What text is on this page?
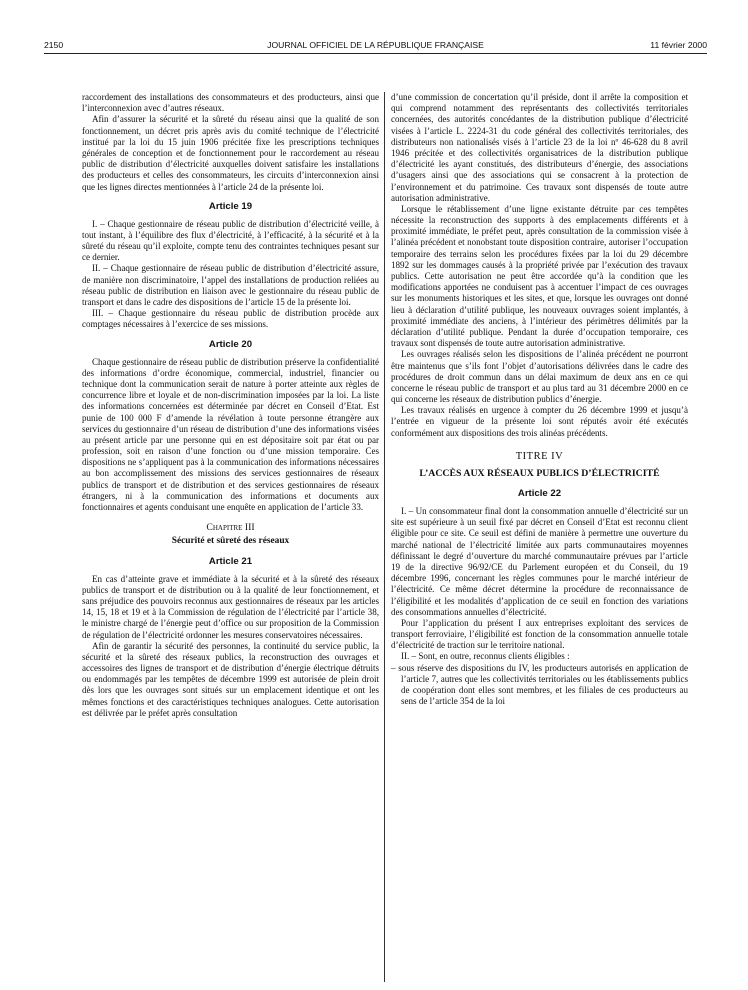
2150	JOURNAL OFFICIEL DE LA RÉPUBLIQUE FRANÇAISE	11 février 2000

raccordement des installations des consommateurs et des producteurs, ainsi que l’interconnexion avec d’autres réseaux.

Afin d’assurer la sécurité et la sûreté du réseau ainsi que la qualité de son fonctionnement, un décret pris après avis du comité technique de l’électricité institué par la loi du 15 juin 1906 précitée fixe les prescriptions techniques générales de conception et de fonctionnement pour le raccordement au réseau public de distribution d’électricité auxquelles doivent satisfaire les installations des producteurs et celles des consommateurs, les circuits d’interconnexion ainsi que les lignes directes mentionnées à l’article 24 de la présente loi.

Article 19

I. – Chaque gestionnaire de réseau public de distribution d’électricité veille, à tout instant, à l’équilibre des flux d’électricité, à l’efficacité, à la sécurité et à la sûreté du réseau qu’il exploite, compte tenu des contraintes techniques pesant sur ce dernier.

II. – Chaque gestionnaire de réseau public de distribution d’électricité assure, de manière non discriminatoire, l’appel des installations de production reliées au réseau public de distribution en liaison avec le gestionnaire du réseau public de transport et dans le cadre des dispositions de l’article 15 de la présente loi.

III. – Chaque gestionnaire du réseau public de distribution procède aux comptages nécessaires à l’exercice de ses missions.

Article 20

Chaque gestionnaire de réseau public de distribution préserve la confidentialité des informations d’ordre économique, commercial, industriel, financier ou technique dont la communication serait de nature à porter atteinte aux règles de concurrence libre et loyale et de non-discrimination imposées par la loi. La liste des informations concernées est déterminée par décret en Conseil d’Etat. Est punie de 100 000 F d’amende la révélation à toute personne étrangère aux services du gestionnaire d’un réseau de distribution d’une des informations visées au présent article par une personne qui en est dépositaire soit par état ou par profession, soit en raison d’une fonction ou d’une mission temporaire. Ces dispositions ne s’appliquent pas à la communication des informations nécessaires au bon accomplissement des missions des services gestionnaires de réseaux publics de transport et de distribution et des services gestionnaires de réseaux étrangers, ni à la communication des informations et documents aux fonctionnaires et agents conduisant une enquête en application de l’article 33.

Chapitre III
Sécurité et sûreté des réseaux
Article 21

En cas d’atteinte grave et immédiate à la sécurité et à la sûreté des réseaux publics de transport et de distribution ou à la qualité de leur fonctionnement, et sans préjudice des pouvoirs reconnus aux gestionnaires de réseaux par les articles 14, 15, 18 et 19 et à la Commission de régulation de l’électricité par l’article 38, le ministre chargé de l’énergie peut d’office ou sur proposition de la Commission de régulation de l’électricité ordonner les mesures conservatoires nécessaires.

Afin de garantir la sécurité des personnes, la continuité du service public, la sécurité et la sûreté des réseaux publics, la reconstruction des ouvrages et accessoires des lignes de transport et de distribution d’énergie électrique détruits ou endommagés par les tempêtes de décembre 1999 est autorisée de plein droit dès lors que les ouvrages sont situés sur un emplacement identique et ont les mêmes fonctions et des caractéristiques techniques analogues. Cette autorisation est délivrée par le préfet après consultation

d’une commission de concertation qu’il préside, dont il arrête la composition et qui comprend notamment des représentants des collectivités territoriales concernées, des autorités concédantes de la distribution publique d’électricité visées à l’article L. 2224-31 du code général des collectivités territoriales, des distributeurs non nationalisés visés à l’article 23 de la loi nº 46-628 du 8 avril 1946 précitée et des collectivités organisatrices de la distribution publique d’électricité les ayant constitués, des distributeurs d’énergie, des associations d’usagers ainsi que des associations qui se consacrent à la protection de l’environnement et du patrimoine. Ces travaux sont dispensés de toute autre autorisation administrative.

Lorsque le rétablissement d’une ligne existante détruite par ces tempêtes nécessite la reconstruction des supports à des emplacements différents et à proximité immédiate, le préfet peut, après consultation de la commission visée à l’alinéa précédent et nonobstant toute disposition contraire, autoriser l’occupation temporaire des terrains selon les procédures fixées par la loi du 29 décembre 1892 sur les dommages causés à la propriété privée par l’exécution des travaux publics. Cette autorisation ne peut être accordée qu’à la condition que les modifications apportées ne conduisent pas à accentuer l’impact de ces ouvrages sur les monuments historiques et les sites, et que, lorsque les ouvrages ont donné lieu à déclaration d’utilité publique, les nouveaux ouvrages soient implantés, à proximité immédiate des anciens, à l’intérieur des périmètres délimités par la déclaration d’utilité publique. Pendant la durée d’occupation temporaire, ces travaux sont dispensés de toute autre autorisation administrative.

Les ouvrages réalisés selon les dispositions de l’alinéa précédent ne pourront être maintenus que s’ils font l’objet d’autorisations délivrées dans le cadre des procédures de droit commun dans un délai maximum de deux ans en ce qui concerne le réseau public de transport et au plus tard au 31 décembre 2000 en ce qui concerne les réseaux de distribution publics d’énergie.

Les travaux réalisés en urgence à compter du 26 décembre 1999 et jusqu’à l’entrée en vigueur de la présente loi sont réputés avoir été exécutés conformément aux dispositions des trois alinéas précédents.

TITRE IV
L’ACCÈS AUX RÉSEAUX PUBLICS D’ÉLECTRICITÉ
Article 22

I. – Un consommateur final dont la consommation annuelle d’électricité sur un site est supérieure à un seuil fixé par décret en Conseil d’Etat est reconnu client éligible pour ce site. Ce seuil est défini de manière à permettre une ouverture du marché national de l’électricité limitée aux parts communautaires moyennes définissant le degré d’ouverture du marché communautaire prévues par l’article 19 de la directive 96/92/CE du Parlement européen et du Conseil, du 19 décembre 1996, concernant les règles communes pour le marché intérieur de l’électricité. Ce même décret détermine la procédure de reconnaissance de l’éligibilité et les modalités d’application de ce seuil en fonction des variations des consommations annuelles d’électricité.

Pour l’application du présent I aux entreprises exploitant des services de transport ferroviaire, l’éligibilité est fonction de la consommation annuelle totale d’électricité de traction sur le territoire national.

II. – Sont, en outre, reconnus clients éligibles :

– sous réserve des dispositions du IV, les producteurs autorisés en application de l’article 7, autres que les collectivités territoriales ou les établissements publics de coopération dont elles sont membres, et les filiales de ces producteurs au sens de l’article 354 de la loi
